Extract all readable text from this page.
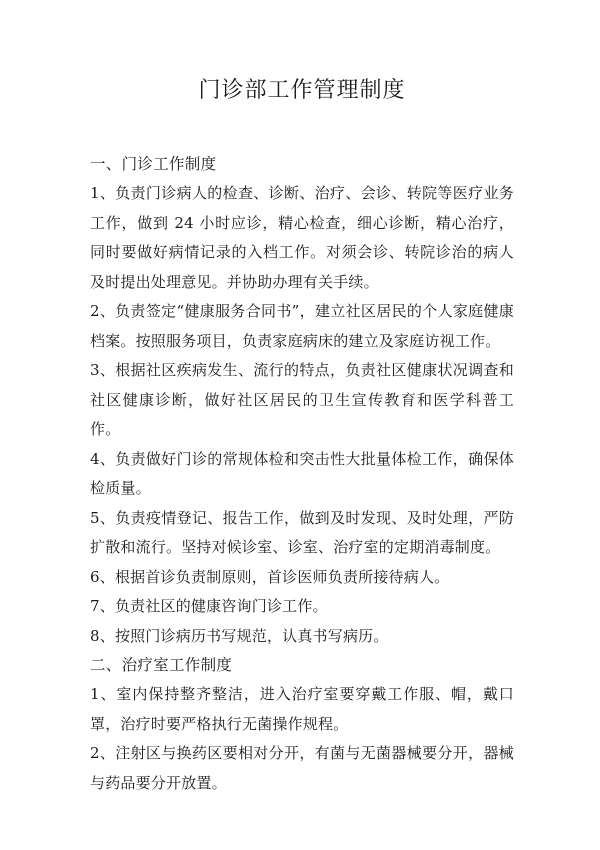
门诊部工作管理制度
一、门诊工作制度

1、负责门诊病人的检查、诊断、治疗、会诊、转院等医疗业务工作，做到 24 小时应诊，精心检查，细心诊断，精心治疗，同时要做好病情记录的入档工作。对须会诊、转院诊治的病人及时提出处理意见。并协助办理有关手续。

2、负责签定“健康服务合同书”，建立社区居民的个人家庭健康档案。按照服务项目，负责家庭病床的建立及家庭访视工作。

3、根据社区疾病发生、流行的特点，负责社区健康状况调查和社区健康诊断，做好社区居民的卫生宣传教育和医学科普工作。

4、负责做好门诊的常规体检和突击性大批量体检工作，确保体检质量。

5、负责疫情登记、报告工作，做到及时发现、及时处理，严防扩散和流行。坚持对候诊室、诊室、治疗室的定期消毒制度。

6、根据首诊负责制原则，首诊医师负责所接待病人。

7、负责社区的健康咨询门诊工作。

8、按照门诊病历书写规范，认真书写病历。

二、治疗室工作制度

1、室内保持整齐整洁，进入治疗室要穿戴工作服、帽，戴口罩，治疗时要严格执行无菌操作规程。

2、注射区与换药区要相对分开，有菌与无菌器械要分开，器械与药品要分开放置。
